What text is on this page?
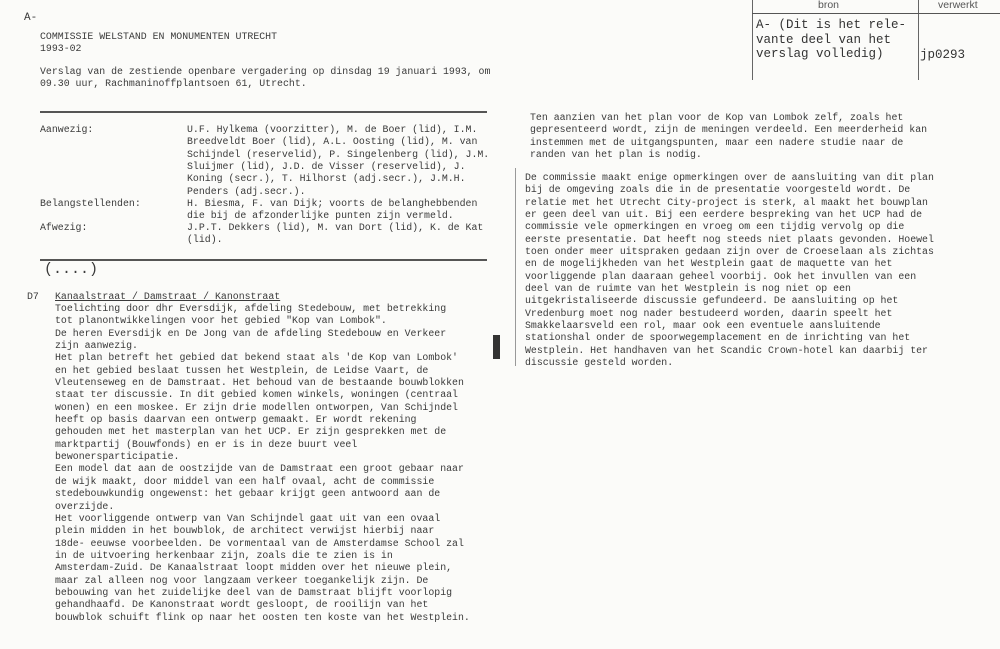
A-
bron	verwerkt
A- (Dit is het rele-
vante deel van het
verslag volledig)	jp0293
COMMISSIE WELSTAND EN MONUMENTEN UTRECHT
1993-02
Verslag van de zestiende openbare vergadering op dinsdag 19 januari 1993, om
09.30 uur, Rachmaninoffplantsoen 61, Utrecht.
Aanwezig:	U.F. Hylkema (voorzitter), M. de Boer (lid), I.M.
Breedveldt Boer (lid), A.L. Oosting (lid), M. van
Schijndel (reservelid), P. Singelenberg (lid), J.M.
Sluijmer (lid), J.D. de Visser (reservelid), J.
Koning (secr.), T. Hilhorst (adj.secr.), J.M.H.
Penders (adj.secr.).
Belangstellenden:	H. Biesma, F. van Dijk; voorts de belanghebbenden
die bij de afzonderlijke punten zijn vermeld.
Afwezig:	J.P.T. Dekkers (lid), M. van Dort (lid), K. de Kat
(lid).
(....)
D7 Kanaalstraat / Damstraat / Kanonstraat
Toelichting door dhr Eversdijk, afdeling Stedebouw, met betrekking
tot planontwikkelingen voor het gebied "Kop van Lombok".
De heren Eversdijk en De Jong van de afdeling Stedebouw en Verkeer
zijn aanwezig.
Het plan betreft het gebied dat bekend staat als 'de Kop van Lombok'
en het gebied beslaat tussen het Westplein, de Leidse Vaart, de
Vleutenseweg en de Damstraat. Het behoud van de bestaande bouwblokken
staat ter discussie. In dit gebied komen winkels, woningen (centraal
wonen) en een moskee. Er zijn drie modellen ontworpen, Van Schijndel
heeft op basis daarvan een ontwerp gemaakt. Er wordt rekening
gehouden met het masterplan van het UCP. Er zijn gesprekken met de
marktpartij (Bouwfonds) en er is in deze buurt veel
bewonersparticipatie.
Een model dat aan de oostzijde van de Damstraat een groot gebaar naar
de wijk maakt, door middel van een half ovaal, acht de commissie
stedebouwkundig ongewenst: het gebaar krijgt geen antwoord aan de
overzijde.
Het voorliggende ontwerp van Van Schijndel gaat uit van een ovaal
plein midden in het bouwblok, de architect verwijst hierbij naar
18de- eeuwse voorbeelden. De vormentaal van de Amsterdamse School zal
in de uitvoering herkenbaar zijn, zoals die te zien is in
Amsterdam-Zuid. De Kanaalstraat loopt midden over het nieuwe plein,
maar zal alleen nog voor langzaam verkeer toegankelijk zijn. De
bebouwing van het zuidelijke deel van de Damstraat blijft voorlopig
gehandhaafd. De Kanonstraat wordt gesloopt, de rooilijn van het
bouwblok schuift flink op naar het oosten ten koste van het Westplein.
Ten aanzien van het plan voor de Kop van Lombok zelf, zoals het
gepresenteerd wordt, zijn de meningen verdeeld. Een meerderheid kan
instemmen met de uitgangspunten, maar een nadere studie naar de
randen van het plan is nodig.
De commissie maakt enige opmerkingen over de aansluiting van dit plan
bij de omgeving zoals die in de presentatie voorgesteld wordt. De
relatie met het Utrecht City-project is sterk, al maakt het bouwplan
er geen deel van uit. Bij een eerdere bespreking van het UCP had de
commissie vele opmerkingen en vroeg om een tijdig vervolg op die
eerste presentatie. Dat heeft nog steeds niet plaats gevonden. Hoewel
toen onder meer uitspraken gedaan zijn over de Croeselaan als zichtas
en de mogelijkheden van het Westplein gaat de maquette van het
voorliggende plan daaraan geheel voorbij. Ook het invullen van een
deel van de ruimte van het Westplein is nog niet op een
uitgekristaliseerde discussie gefundeerd. De aansluiting op het
Vredenburg moet nog nader bestudeerd worden, daarin speelt het
Smakkelaarsveld een rol, maar ook een eventuele aansluitende
stationshal onder de spoorwegemplacement en de inrichting van het
Westplein. Het handhaven van het Scandic Crown-hotel kan daarbij ter
discussie gesteld worden.
